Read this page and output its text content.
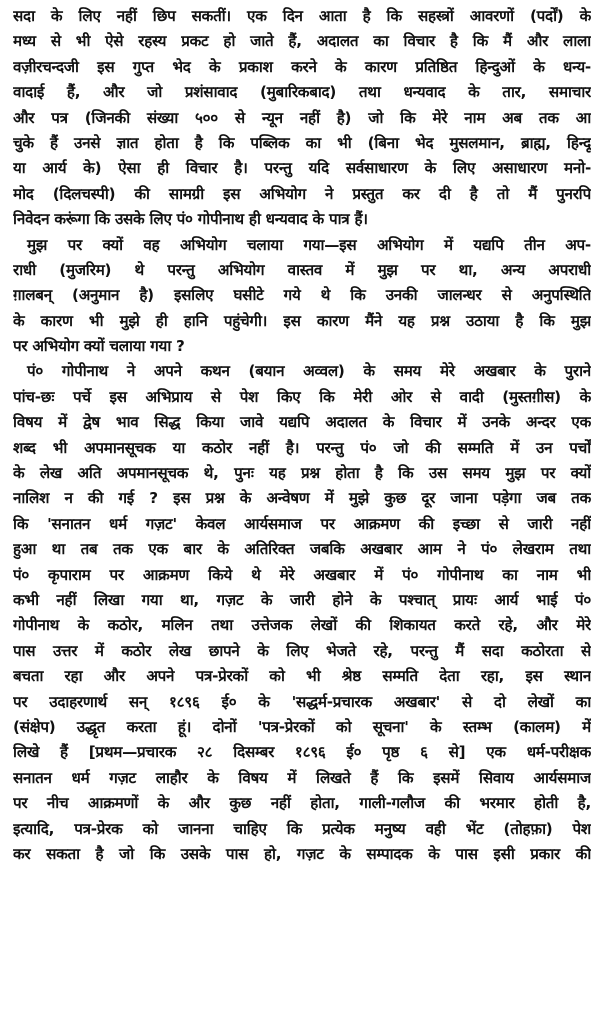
सदा के लिए नहीं छिप सकतीं। एक दिन आता है कि सहस्त्रों आवरणों (पर्दों) के
मध्य से भी ऐसे रहस्य प्रकट हो जाते हैं, अदालत का विचार है कि मैं और लाला
वज़ीरचन्दजी इस गुप्त भेद के प्रकाश करने के कारण प्रतिष्ठित हिन्दुओं के धन्य-
वादाई हैं, और जो प्रशंसावाद (मुबारिकबाद) तथा धन्यवाद के तार, समाचार
और पत्र (जिनकी संख्या ५०० से न्यून नहीं है) जो कि मेरे नाम अब तक आ
चुके हैं उनसे ज्ञात होता है कि पब्लिक का भी (बिना भेद मुसलमान, ब्राह्म, हिन्दू
या आर्य के) ऐसा ही विचार है। परन्तु यदि सर्वसाधारण के लिए असाधारण मनो-
मोद (दिलचस्पी) की सामग्री इस अभियोग ने प्रस्तुत कर दी है तो मैं पुनरपि
निवेदन करूंगा कि उसके लिए पं० गोपीनाथ ही धन्यवाद के पात्र हैं।
मुझ पर क्यों वह अभियोग चलाया गया—इस अभियोग में यद्यपि तीन अप-
राधी (मुजरिम) थे परन्तु अभियोग वास्तव में मुझ पर था, अन्य अपराधी
ग़ालबन् (अनुमान है) इसलिए घसीटे गये थे कि उनकी जालन्धर से अनुपस्थिति
के कारण भी मुझे ही हानि पहुंचेगी। इस कारण मैंने यह प्रश्न उठाया है कि मुझ
पर अभियोग क्यों चलाया गया ?
पं० गोपीनाथ ने अपने कथन (बयान अव्वल) के समय मेरे अखबार के पुराने
पांच-छः पर्चे इस अभिप्राय से पेश किए कि मेरी ओर से वादी (मुस्तग़ीस) के
विषय में द्वेष भाव सिद्ध किया जावे यद्यपि अदालत के विचार में उनके अन्दर एक
शब्द भी अपमानसूचक या कठोर नहीं है। परन्तु पं० जो की सम्मति में उन पर्चों
के लेख अति अपमानसूचक थे, पुनः यह प्रश्न होता है कि उस समय मुझ पर क्यों
नालिश न की गई ? इस प्रश्न के अन्वेषण में मुझे कुछ दूर जाना पड़ेगा जब तक
कि 'सनातन धर्म गज़ट' केवल आर्यसमाज पर आक्रमण की इच्छा से जारी नहीं
हुआ था तब तक एक बार के अतिरिक्त जबकि अखबार आम ने पं० लेखराम तथा
पं० कृपाराम पर आक्रमण किये थे मेरे अखबार में पं० गोपीनाथ का नाम भी
कभी नहीं लिखा गया था, गज़ट के जारी होने के पश्चात् प्रायः आर्य भाई पं०
गोपीनाथ के कठोर, मलिन तथा उत्तेजक लेखों की शिकायत करते रहे, और मेरे
पास उत्तर में कठोर लेख छापने के लिए भेजते रहे, परन्तु मैं सदा कठोरता से
बचता रहा और अपने पत्र-प्रेरकों को भी श्रेष्ठ सम्मति देता रहा, इस स्थान
पर उदाहरणार्थ सन् १८९६ ई० के 'सद्धर्म-प्रचारक अखबार' से दो लेखों का
(संक्षेप) उद्धृत करता हूं। दोनों 'पत्र-प्रेरकों को सूचना' के स्तम्भ (कालम) में
लिखे हैं [प्रथम—प्रचारक २८ दिसम्बर १८९६ ई० पृष्ठ ६ से] एक धर्म-परीक्षक
सनातन धर्म गज़ट लाहौर के विषय में लिखते हैं कि इसमें सिवाय आर्यसमाज
पर नीच आक्रमणों के और कुछ नहीं होता, गाली-गलौज की भरमार होती है,
इत्यादि, पत्र-प्रेरक को जानना चाहिए कि प्रत्येक मनुष्य वही भेंट (तोहफ़ा) पेश
कर सकता है जो कि उसके पास हो, गज़ट के सम्पादक के पास इसी प्रकार की
